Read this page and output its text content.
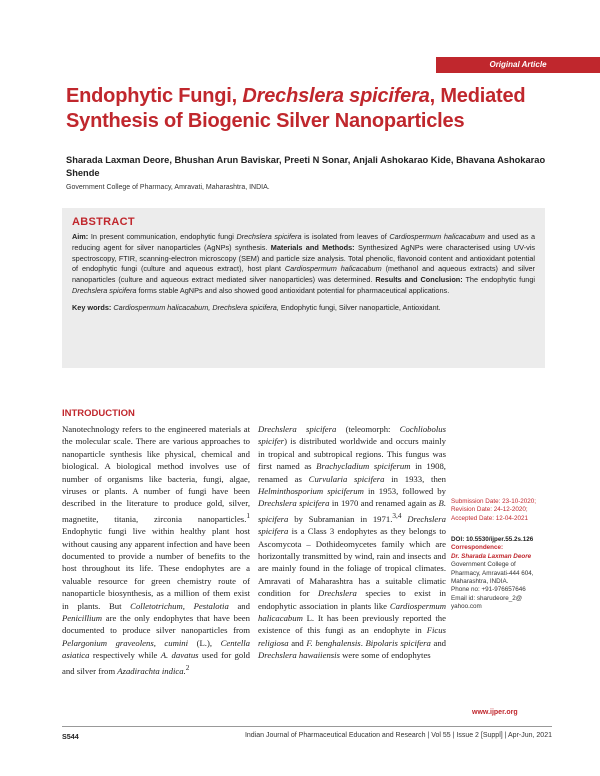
Original Article
Endophytic Fungi, Drechslera spicifera, Mediated Synthesis of Biogenic Silver Nanoparticles
Sharada Laxman Deore, Bhushan Arun Baviskar, Preeti N Sonar, Anjali Ashokarao Kide, Bhavana Ashokarao Shende
Government College of Pharmacy, Amravati, Maharashtra, INDIA.
ABSTRACT

Aim: In present communication, endophytic fungi Drechslera spicifera is isolated from leaves of Cardiospermum halicacabum and used as a reducing agent for silver nanoparticles (AgNPs) synthesis. Materials and Methods: Synthesized AgNPs were characterised using UV-vis spectroscopy, FTIR, scanning-electron microscopy (SEM) and particle size analysis. Total phenolic, flavonoid content and antioxidant potential of endophytic fungi (culture and aqueous extract), host plant Cardiospermum halicacabum (methanol and aqueous extracts) and silver nanoparticles (culture and aqueous extract mediated silver nanoparticles) was determined. Results and Conclusion: The endophytic fungi Drechslera spicifera forms stable AgNPs and also showed good antioxidant potential for pharmaceutical applications.

Key words: Cardiospermum halicacabum, Drechslera spicifera, Endophytic fungi, Silver nanoparticle, Antioxidant.

INTRODUCTION
Nanotechnology refers to the engineered materials at the molecular scale. There are various approaches to nanoparticle synthesis like physical, chemical and biological. A biological method involves use of number of organisms like bacteria, fungi, algae, viruses or plants. A number of fungi have been described in the literature to produce gold, silver, magnetite, titania, zirconia nanoparticles.$^1$ Endophytic fungi live within healthy plant host without causing any apparent infection and have been documented to provide a number of benefits to the host throughout its life. These endophytes are a valuable resource for green chemistry route of nanoparticle biosynthesis, as a million of them exist in plants. But Colletotrichum, Pestalotia and Penicillium are the only endophytes that have been documented to produce silver nanoparticles from Pelargonium graveolens, cumini (L.), Centella asiatica respectively while A. davatus used for gold and silver from Azadirachta indica.$^2$
Drechslera spicifera (teleomorph: Cochliobolus spicifer) is distributed worldwide and occurs mainly in tropical and subtropical regions. This fungus was first named as Brachycladium spiciferum in 1908, renamed as Curvularia spicifera in 1933, then Helminthosporium spiciferum in 1953, followed by Drechslera spicifera in 1970 and renamed again as B. spicifera by Subramanian in 1971.$^{3,4}$ Drechslera spicifera is a Class 3 endophytes as they belongs to Ascomycota – Dothideomycetes family which are horizontally transmitted by wind, rain and insects and are mainly found in the foliage of tropical climates. Amravati of Maharashtra has a suitable climatic condition for Drechslera species to exist in endophytic association in plants like Cardiospermum halicacabum L. It has been previously reported the existence of this fungi as an endophyte in Ficus religiosa and F. benghalensis. Bipolaris spicifera and Drechslera hawaiiensis were some of endophytes
Submission Date: 23-10-2020;
Revision Date: 24-12-2020;
Accepted Date: 12-04-2021
DOI: 10.5530/ijper.55.2s.126
Correspondence:
Dr. Sharada Laxman Deore
Government College of
Pharmacy, Amravati-444 604,
Maharashtra, INDIA.
Phone no: +91-976657646
Email id: sharudeore_2@
yahoo.com
www.ijper.org
S544	Indian Journal of Pharmaceutical Education and Research | Vol 55 | Issue 2 [Suppl] | Apr-Jun, 2021
